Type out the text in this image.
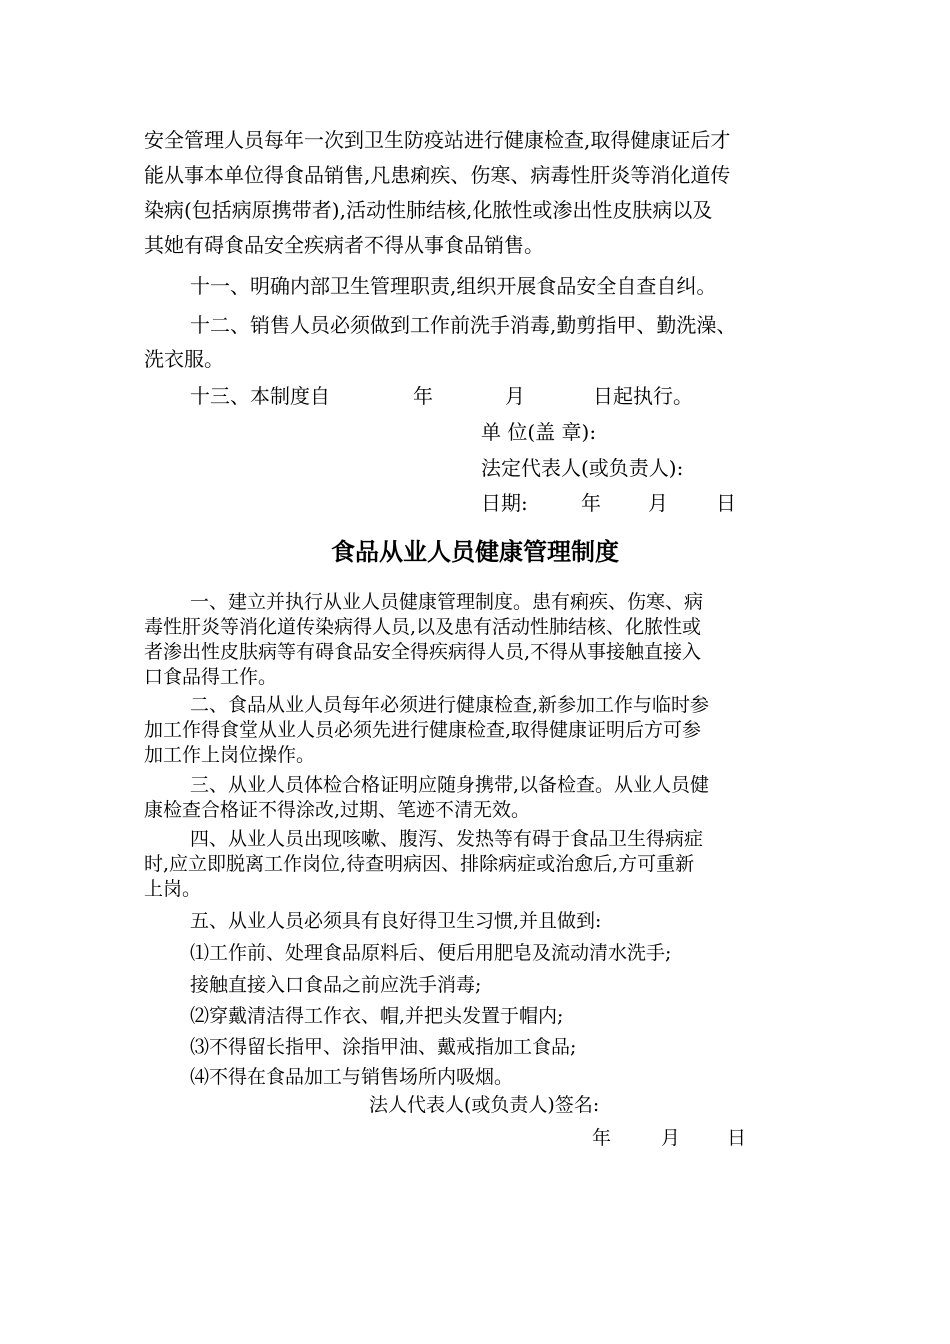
安全管理人员每年一次到卫生防疫站进行健康检查,取得健康证后才
能从事本单位得食品销售,凡患痢疾、伤寒、病毒性肝炎等消化道传
染病(包括病原携带者),活动性肺结核,化脓性或渗出性皮肤病以及
其她有碍食品安全疾病者不得从事食品销售。
十一、明确内部卫生管理职责,组织开展食品安全自查自纠。
十二、销售人员必须做到工作前洗手消毒,勤剪指甲、勤洗澡、
洗衣服。
十三、本制度自	年	月	日起执行。
单 位(盖 章):
法定代表人(或负责人):
日期:	年 月 日
食品从业人员健康管理制度
一、建立并执行从业人员健康管理制度。患有痢疾、伤寒、病
毒性肝炎等消化道传染病得人员,以及患有活动性肺结核、化脓性或
者渗出性皮肤病等有碍食品安全得疾病得人员,不得从事接触直接入
口食品得工作。
二、食品从业人员每年必须进行健康检查,新参加工作与临时参
加工作得食堂从业人员必须先进行健康检查,取得健康证明后方可参
加工作上岗位操作。
三、从业人员体检合格证明应随身携带,以备检查。从业人员健
康检查合格证不得涂改,过期、笔迹不清无效。
四、从业人员出现咳嗽、腹泻、发热等有碍于食品卫生得病症
时,应立即脱离工作岗位,待查明病因、排除病症或治愈后,方可重新
上岗。
五、从业人员必须具有良好得卫生习惯,并且做到:
⑴工作前、处理食品原料后、便后用肥皂及流动清水洗手;
接触直接入口食品之前应洗手消毒;
⑵穿戴清洁得工作衣、帽,并把头发置于帽内;
⑶不得留长指甲、涂指甲油、戴戒指加工食品;
⑷不得在食品加工与销售场所内吸烟。
法人代表人(或负责人)签名:
年	月 日
